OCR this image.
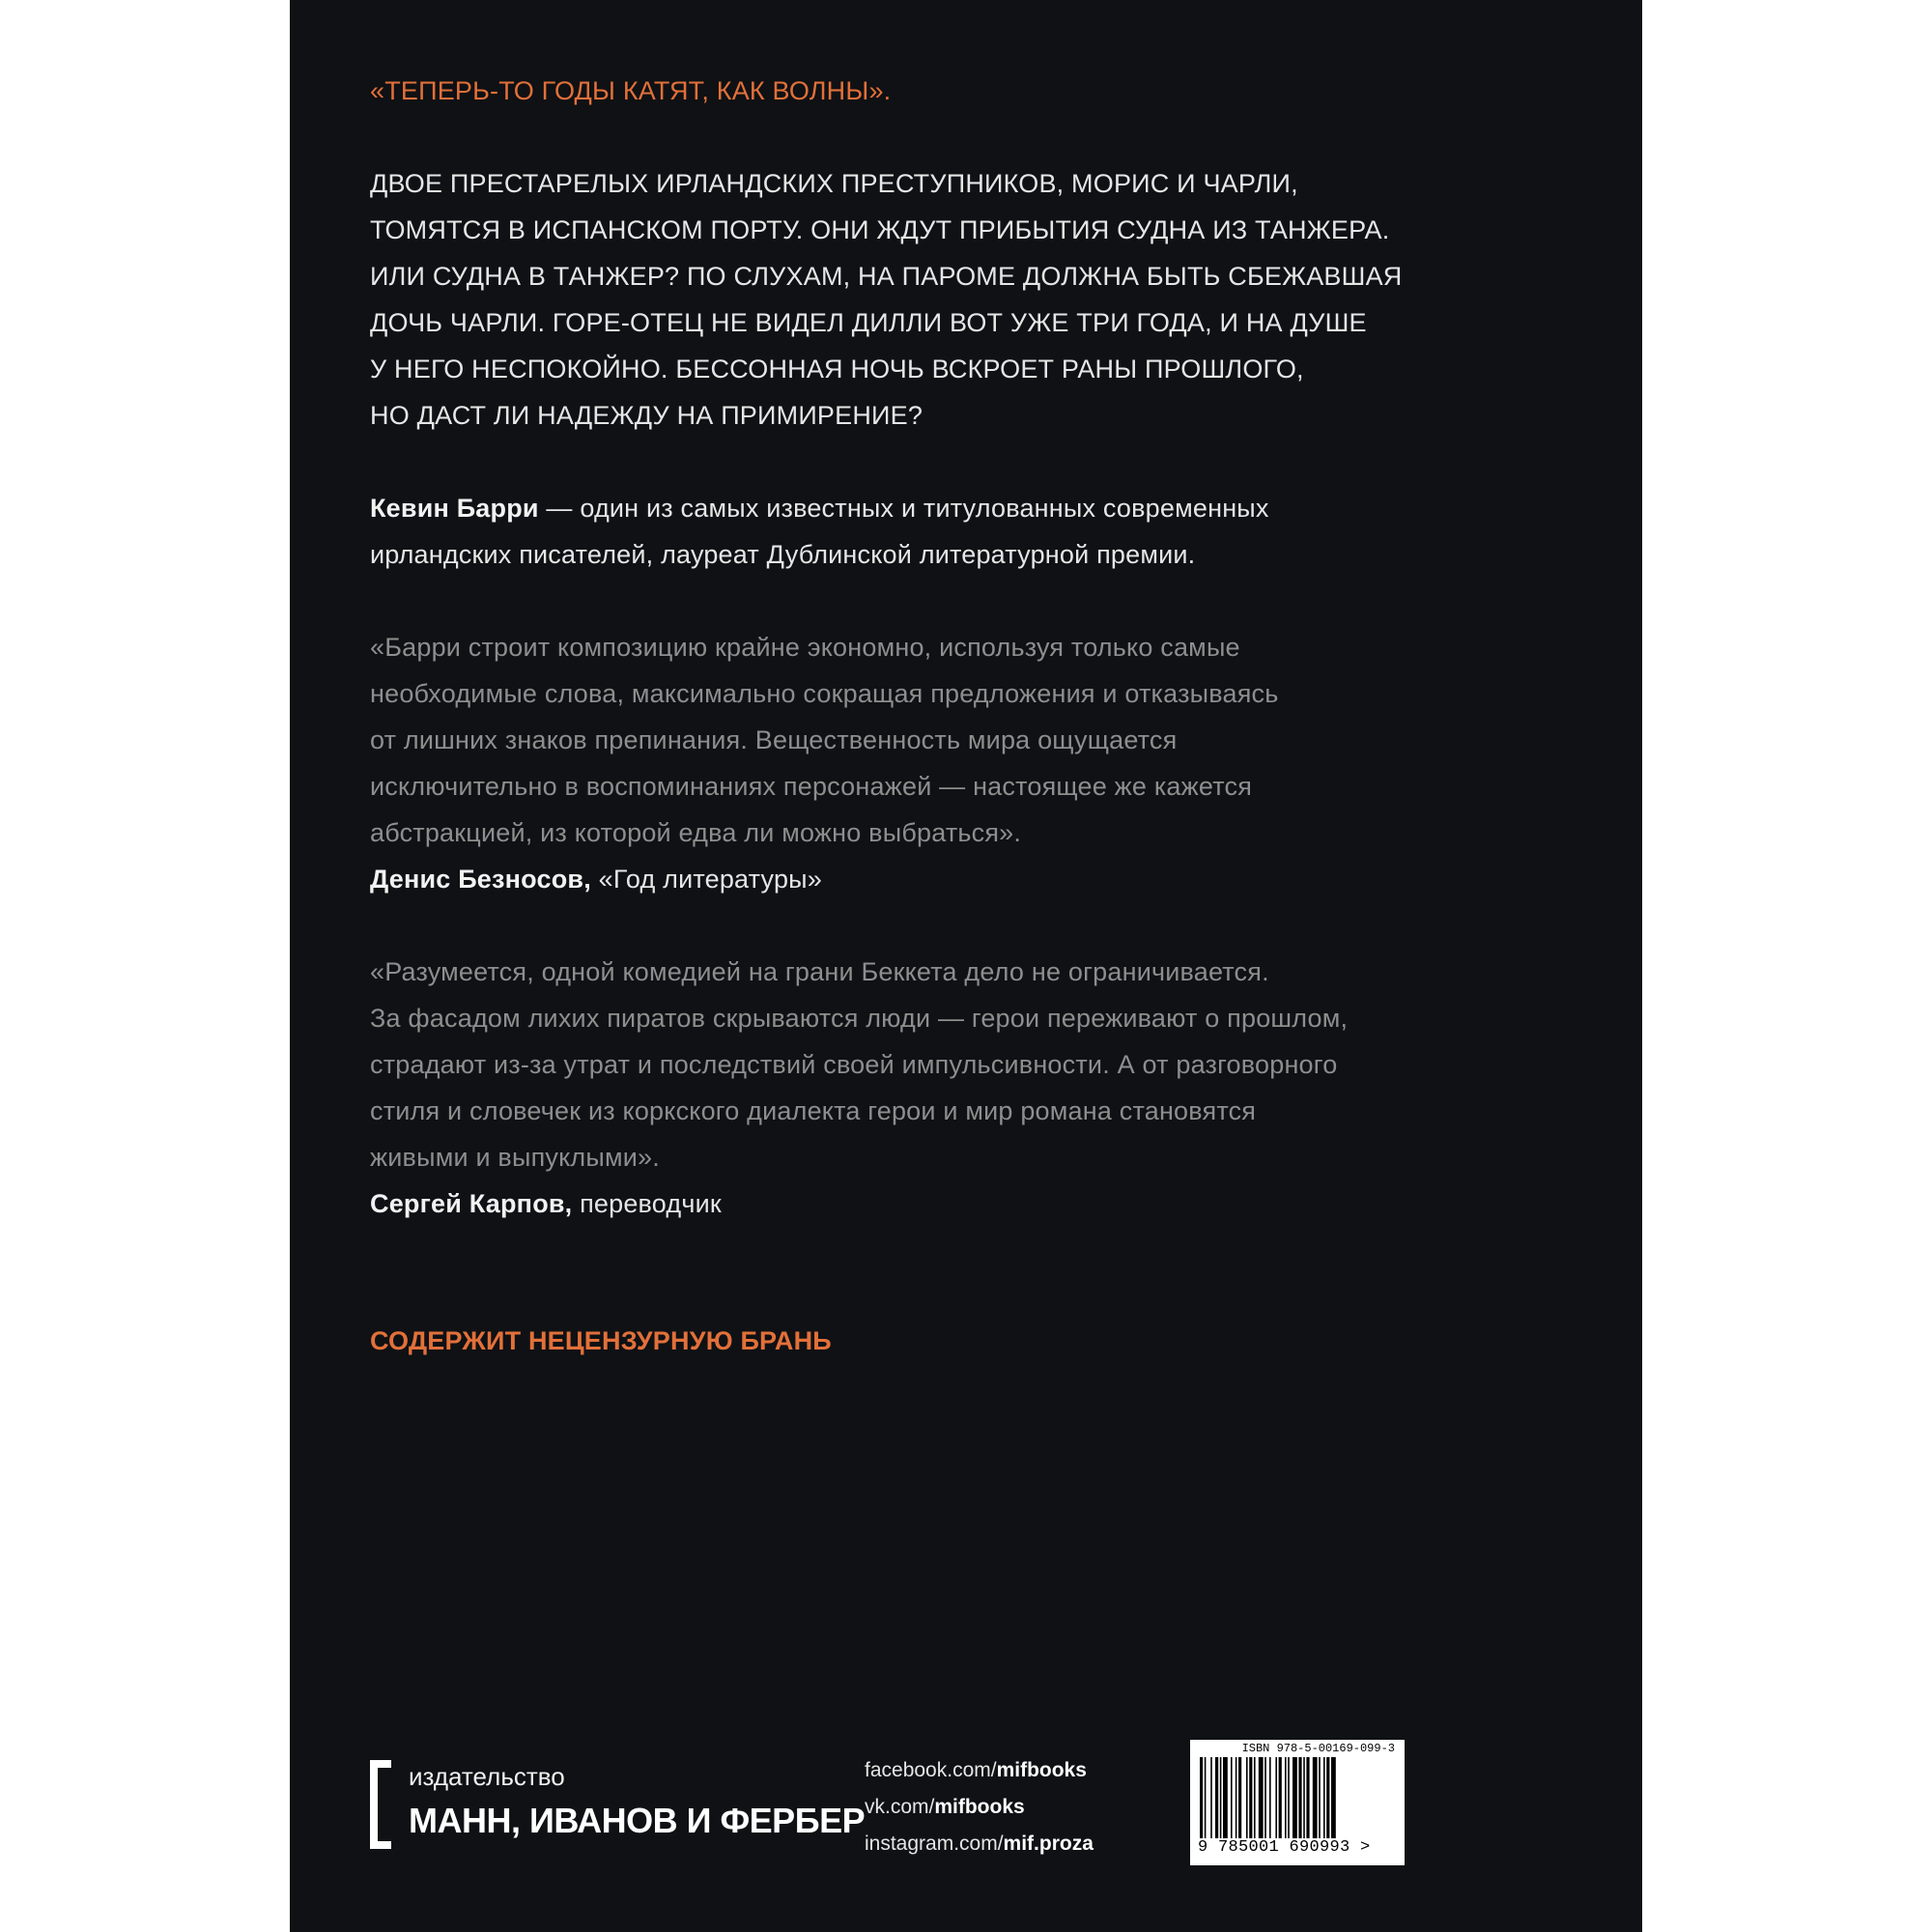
«ТЕПЕРЬ-ТО ГОДЫ КАТЯТ, КАК ВОЛНЫ».
ДВОЕ ПРЕСТАРЕЛЫХ ИРЛАНДСКИХ ПРЕСТУПНИКОВ, МОРИС И ЧАРЛИ,
ТОМЯТСЯ В ИСПАНСКОМ ПОРТУ. ОНИ ЖДУТ ПРИБЫТИЯ СУДНА ИЗ ТАНЖЕРА.
ИЛИ СУДНА В ТАНЖЕР? ПО СЛУХАМ, НА ПАРОМЕ ДОЛЖНА БЫТЬ СБЕЖАВШАЯ
ДОЧЬ ЧАРЛИ. ГОРЕ-ОТЕЦ НЕ ВИДЕЛ ДИЛЛИ ВОТ УЖЕ ТРИ ГОДА, И НА ДУШЕ
У НЕГО НЕСПОКОЙНО. БЕССОННАЯ НОЧЬ ВСКРОЕТ РАНЫ ПРОШЛОГО,
НО ДАСТ ЛИ НАДЕЖДУ НА ПРИМИРЕНИЕ?
Кевин Барри — один из самых известных и титулованных современных
ирландских писателей, лауреат Дублинской литературной премии.
«Барри строит композицию крайне экономно, используя только самые
необходимые слова, максимально сокращая предложения и отказываясь
от лишних знаков препинания. Вещественность мира ощущается
исключительно в воспоминаниях персонажей — настоящее же кажется
абстракцией, из которой едва ли можно выбраться».
Денис Безносов, «Год литературы»
«Разумеется, одной комедией на грани Беккета дело не ограничивается.
За фасадом лихих пиратов скрываются люди — герои переживают о прошлом,
страдают из-за утрат и последствий своей импульсивности. А от разговорного
стиля и словечек из коркского диалекта герои и мир романа становятся
живыми и выпуклыми».
Сергей Карпов, переводчик
СОДЕРЖИТ НЕЦЕНЗУРНУЮ БРАНЬ
издательство
МАНН, ИВАНОВ И ФЕРБЕР
facebook.com/mifbooks
vk.com/mifbooks
instagram.com/mif.proza
ISBN 978-5-00169-099-3
9 785001 690993 >
